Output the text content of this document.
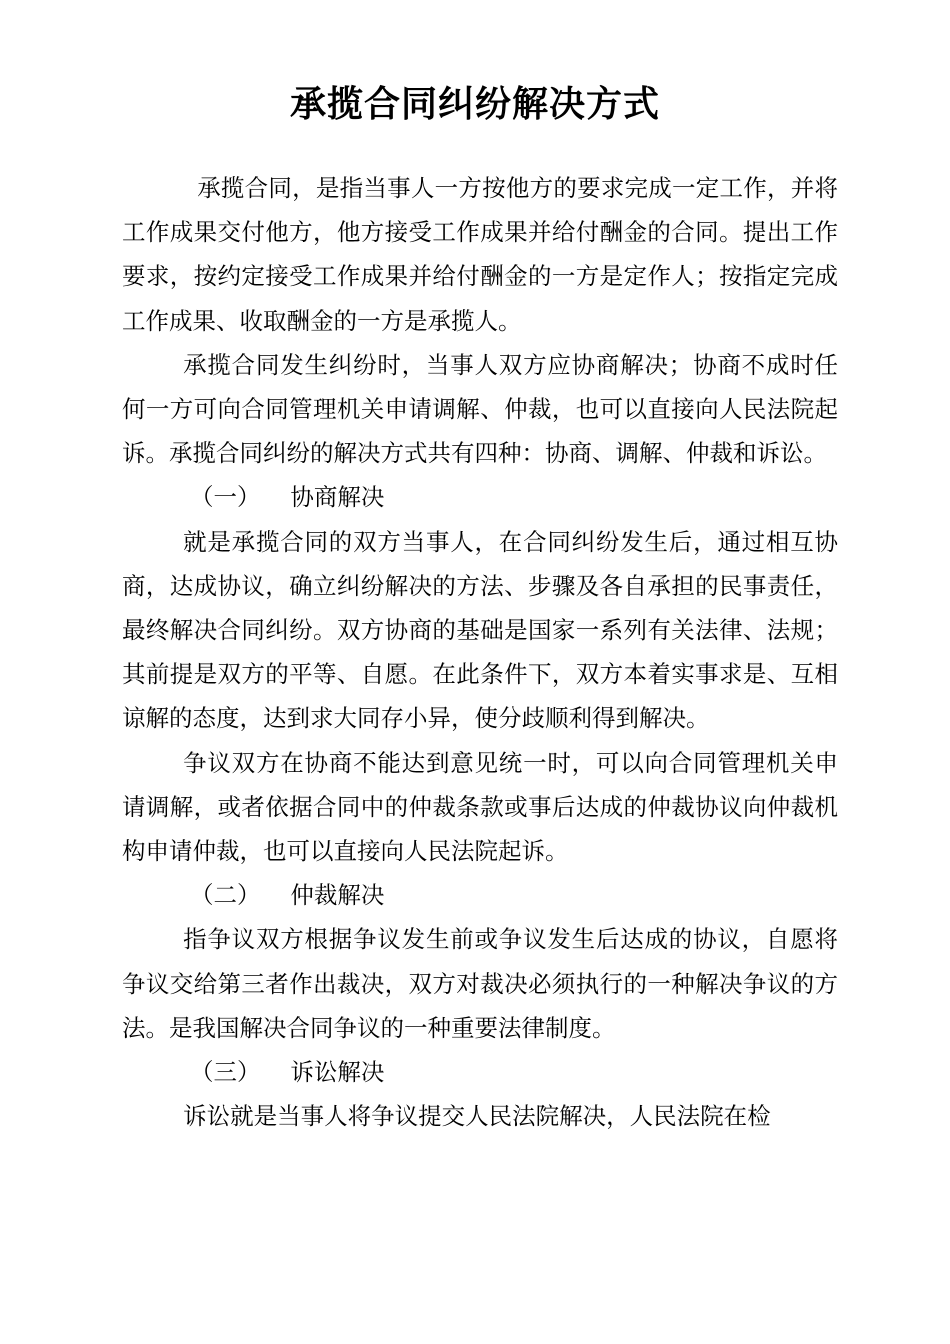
承揽合同纠纷解决方式

承揽合同，是指当事人一方按他方的要求完成一定工作，并将工作成果交付他方，他方接受工作成果并给付酬金的合同。提出工作要求，按约定接受工作成果并给付酬金的一方是定作人；按指定完成工作成果、收取酬金的一方是承揽人。

承揽合同发生纠纷时，当事人双方应协商解决；协商不成时任何一方可向合同管理机关申请调解、仲裁，也可以直接向人民法院起诉。承揽合同纠纷的解决方式共有四种：协商、调解、仲裁和诉讼。

（一）    协商解决

就是承揽合同的双方当事人，在合同纠纷发生后，通过相互协商，达成协议，确立纠纷解决的方法、步骤及各自承担的民事责任，最终解决合同纠纷。双方协商的基础是国家一系列有关法律、法规；其前提是双方的平等、自愿。在此条件下，双方本着实事求是、互相谅解的态度，达到求大同存小异，使分歧顺利得到解决。

争议双方在协商不能达到意见统一时，可以向合同管理机关申请调解，或者依据合同中的仲裁条款或事后达成的仲裁协议向仲裁机构申请仲裁，也可以直接向人民法院起诉。

（二）    仲裁解决

指争议双方根据争议发生前或争议发生后达成的协议，自愿将争议交给第三者作出裁决，双方对裁决必须执行的一种解决争议的方法。是我国解决合同争议的一种重要法律制度。

（三）    诉讼解决

诉讼就是当事人将争议提交人民法院解决，人民法院在检
